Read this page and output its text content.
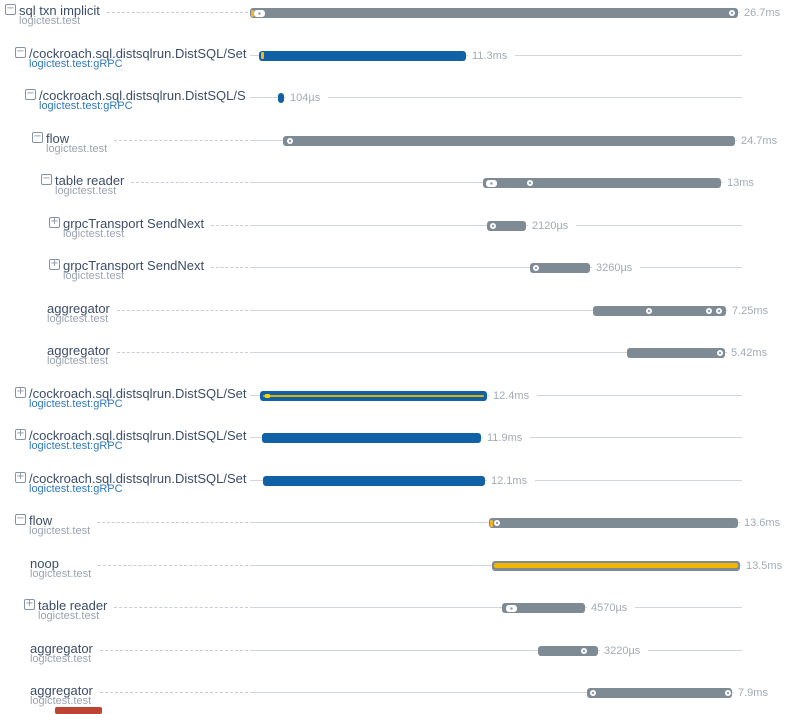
− sql txn implicit
logictest.test
26.7ms
− /cockroach.sql.distsqlrun.DistSQL/Set
logictest.test:gRPC
11.3ms
− /cockroach.sql.distsqlrun.DistSQL/S
logictest.test:gRPC
104µs
− flow
logictest.test
24.7ms
− table reader
logictest.test
13ms
+ grpcTransport SendNext
logictest.test
2120µs
+ grpcTransport SendNext
logictest.test
3260µs
aggregator
logictest.test
7.25ms
aggregator
logictest.test
5.42ms
+ /cockroach.sql.distsqlrun.DistSQL/Set
logictest.test:gRPC
12.4ms
+ /cockroach.sql.distsqlrun.DistSQL/Set
logictest.test:gRPC
11.9ms
+ /cockroach.sql.distsqlrun.DistSQL/Set
logictest.test:gRPC
12.1ms
− flow
logictest.test
13.6ms
noop
logictest.test
13.5ms
+ table reader
logictest.test
4570µs
aggregator
logictest.test
3220µs
aggregator
logictest.test
7.9ms
